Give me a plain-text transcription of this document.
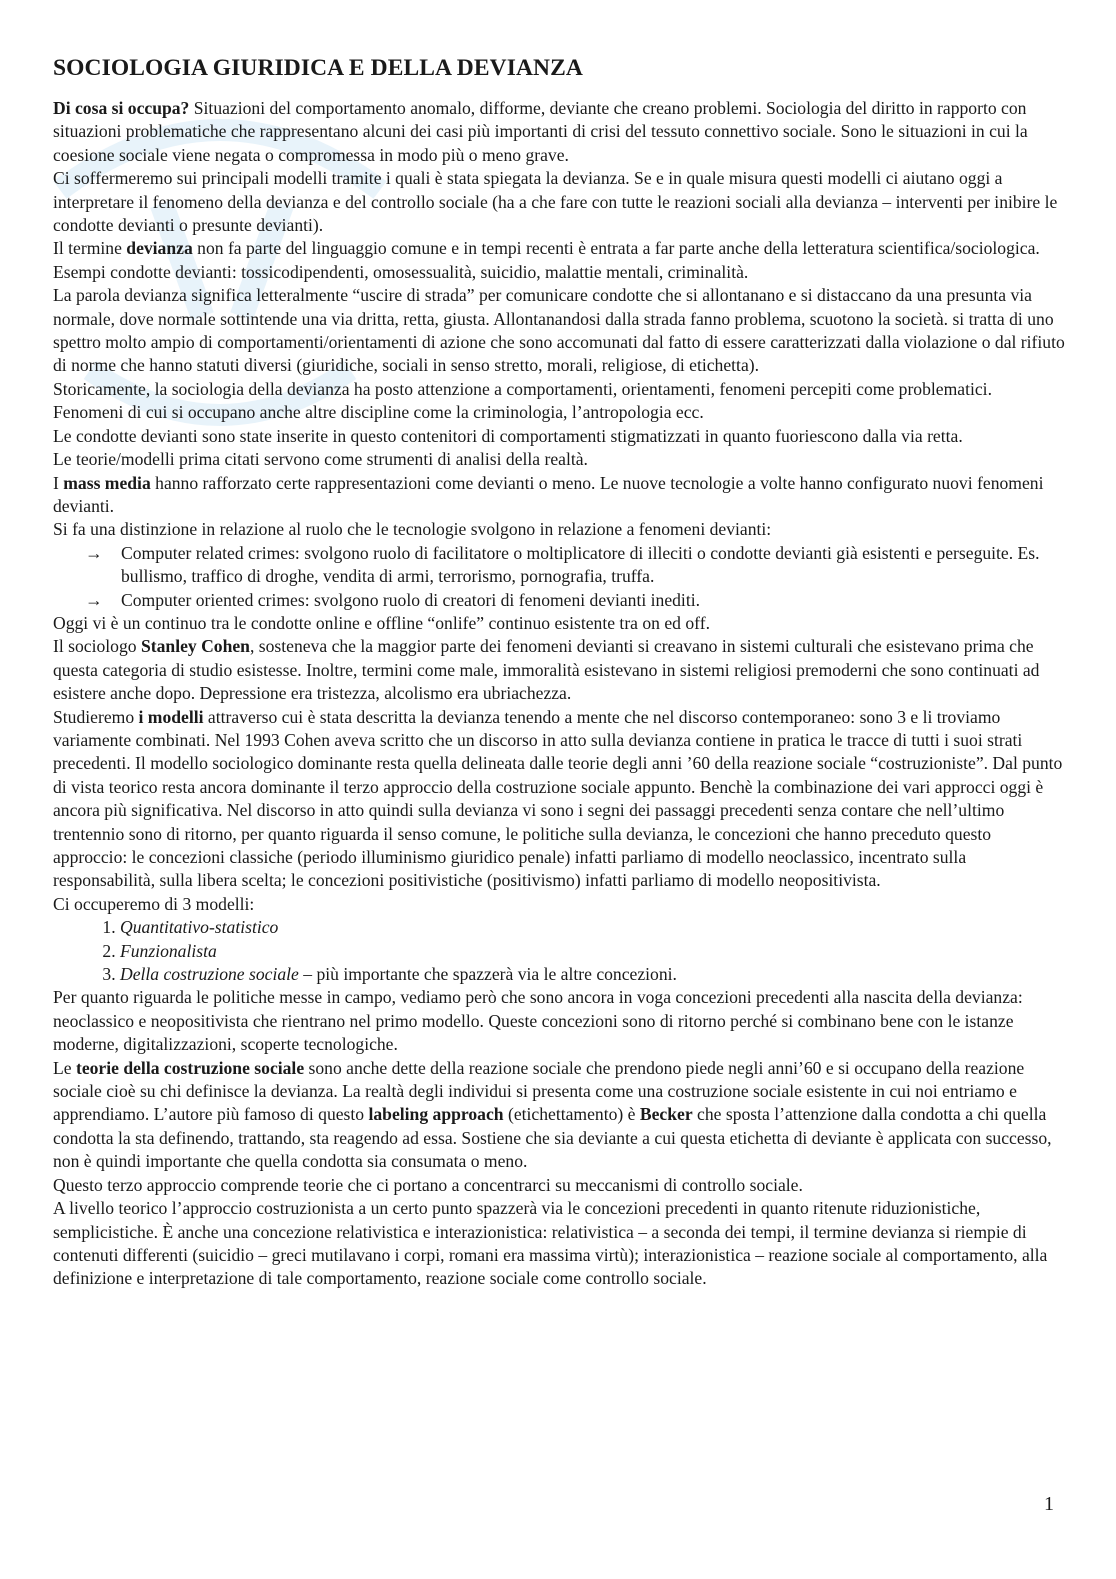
SOCIOLOGIA GIURIDICA E DELLA DEVIANZA

Di cosa si occupa? Situazioni del comportamento anomalo, difforme, deviante che creano problemi. Sociologia del diritto in rapporto con situazioni problematiche che rappresentano alcuni dei casi più importanti di crisi del tessuto connettivo sociale. Sono le situazioni in cui la coesione sociale viene negata o compromessa in modo più o meno grave.

Ci soffermeremo sui principali modelli tramite i quali è stata spiegata la devianza. Se e in quale misura questi modelli ci aiutano oggi a interpretare il fenomeno della devianza e del controllo sociale (ha a che fare con tutte le reazioni sociali alla devianza – interventi per inibire le condotte devianti o presunte devianti).

Il termine devianza non fa parte del linguaggio comune e in tempi recenti è entrata a far parte anche della letteratura scientifica/sociologica.

Esempi condotte devianti: tossicodipendenti, omosessualità, suicidio, malattie mentali, criminalità.

La parola devianza significa letteralmente “uscire di strada” per comunicare condotte che si allontanano e si distaccano da una presunta via normale, dove normale sottintende una via dritta, retta, giusta. Allontanandosi dalla strada fanno problema, scuotono la società. si tratta di uno spettro molto ampio di comportamenti/orientamenti di azione che sono accomunati dal fatto di essere caratterizzati dalla violazione o dal rifiuto di norme che hanno statuti diversi (giuridiche, sociali in senso stretto, morali, religiose, di etichetta).

Storicamente, la sociologia della devianza ha posto attenzione a comportamenti, orientamenti, fenomeni percepiti come problematici. Fenomeni di cui si occupano anche altre discipline come la criminologia, l’antropologia ecc.

Le condotte devianti sono state inserite in questo contenitori di comportamenti stigmatizzati in quanto fuoriescono dalla via retta.

Le teorie/modelli prima citati servono come strumenti di analisi della realtà.

I mass media hanno rafforzato certe rappresentazioni come devianti o meno. Le nuove tecnologie a volte hanno configurato nuovi fenomeni devianti.

Si fa una distinzione in relazione al ruolo che le tecnologie svolgono in relazione a fenomeni devianti:

→ Computer related crimes: svolgono ruolo di facilitatore o moltiplicatore di illeciti o condotte devianti già esistenti e perseguite. Es. bullismo, traffico di droghe, vendita di armi, terrorismo, pornografia, truffa.
→ Computer oriented crimes: svolgono ruolo di creatori di fenomeni devianti inediti.

Oggi vi è un continuo tra le condotte online e offline “onlife” continuo esistente tra on ed off.

Il sociologo Stanley Cohen, sosteneva che la maggior parte dei fenomeni devianti si creavano in sistemi culturali che esistevano prima che questa categoria di studio esistesse. Inoltre, termini come male, immoralità esistevano in sistemi religiosi premoderni che sono continuati ad esistere anche dopo. Depressione era tristezza, alcolismo era ubriachezza.

Studieremo i modelli attraverso cui è stata descritta la devianza tenendo a mente che nel discorso contemporaneo: sono 3 e li troviamo variamente combinati. Nel 1993 Cohen aveva scritto che un discorso in atto sulla devianza contiene in pratica le tracce di tutti i suoi strati precedenti. Il modello sociologico dominante resta quella delineata dalle teorie degli anni ’60 della reazione sociale “costruzioniste”. Dal punto di vista teorico resta ancora dominante il terzo approccio della costruzione sociale appunto. Benchè la combinazione dei vari approcci oggi è ancora più significativa. Nel discorso in atto quindi sulla devianza vi sono i segni dei passaggi precedenti senza contare che nell’ultimo trentennio sono di ritorno, per quanto riguarda il senso comune, le politiche sulla devianza, le concezioni che hanno preceduto questo approccio: le concezioni classiche (periodo illuminismo giuridico penale) infatti parliamo di modello neoclassico, incentrato sulla responsabilità, sulla libera scelta; le concezioni positivistiche (positivismo) infatti parliamo di modello neopositivista.

Ci occuperemo di 3 modelli:

1. Quantitativo-statistico
2. Funzionalista
3. Della costruzione sociale – più importante che spazzerà via le altre concezioni.

Per quanto riguarda le politiche messe in campo, vediamo però che sono ancora in voga concezioni precedenti alla nascita della devianza: neoclassico e neopositivista che rientrano nel primo modello. Queste concezioni sono di ritorno perché si combinano bene con le istanze moderne, digitalizzazioni, scoperte tecnologiche.

Le teorie della costruzione sociale sono anche dette della reazione sociale che prendono piede negli anni’60 e si occupano della reazione sociale cioè su chi definisce la devianza. La realtà degli individui si presenta come una costruzione sociale esistente in cui noi entriamo e apprendiamo. L’autore più famoso di questo labeling approach (etichettamento) è Becker che sposta l’attenzione dalla condotta a chi quella condotta la sta definendo, trattando, sta reagendo ad essa. Sostiene che sia deviante a cui questa etichetta di deviante è applicata con successo, non è quindi importante che quella condotta sia consumata o meno.

Questo terzo approccio comprende teorie che ci portano a concentrarci su meccanismi di controllo sociale.

A livello teorico l’approccio costruzionista a un certo punto spazzerà via le concezioni precedenti in quanto ritenute riduzionistiche, semplicistiche. È anche una concezione relativistica e interazionistica: relativistica – a seconda dei tempi, il termine devianza si riempie di contenuti differenti (suicidio – greci mutilavano i corpi, romani era massima virtù); interazionistica – reazione sociale al comportamento, alla definizione e interpretazione di tale comportamento, reazione sociale come controllo sociale.

1
